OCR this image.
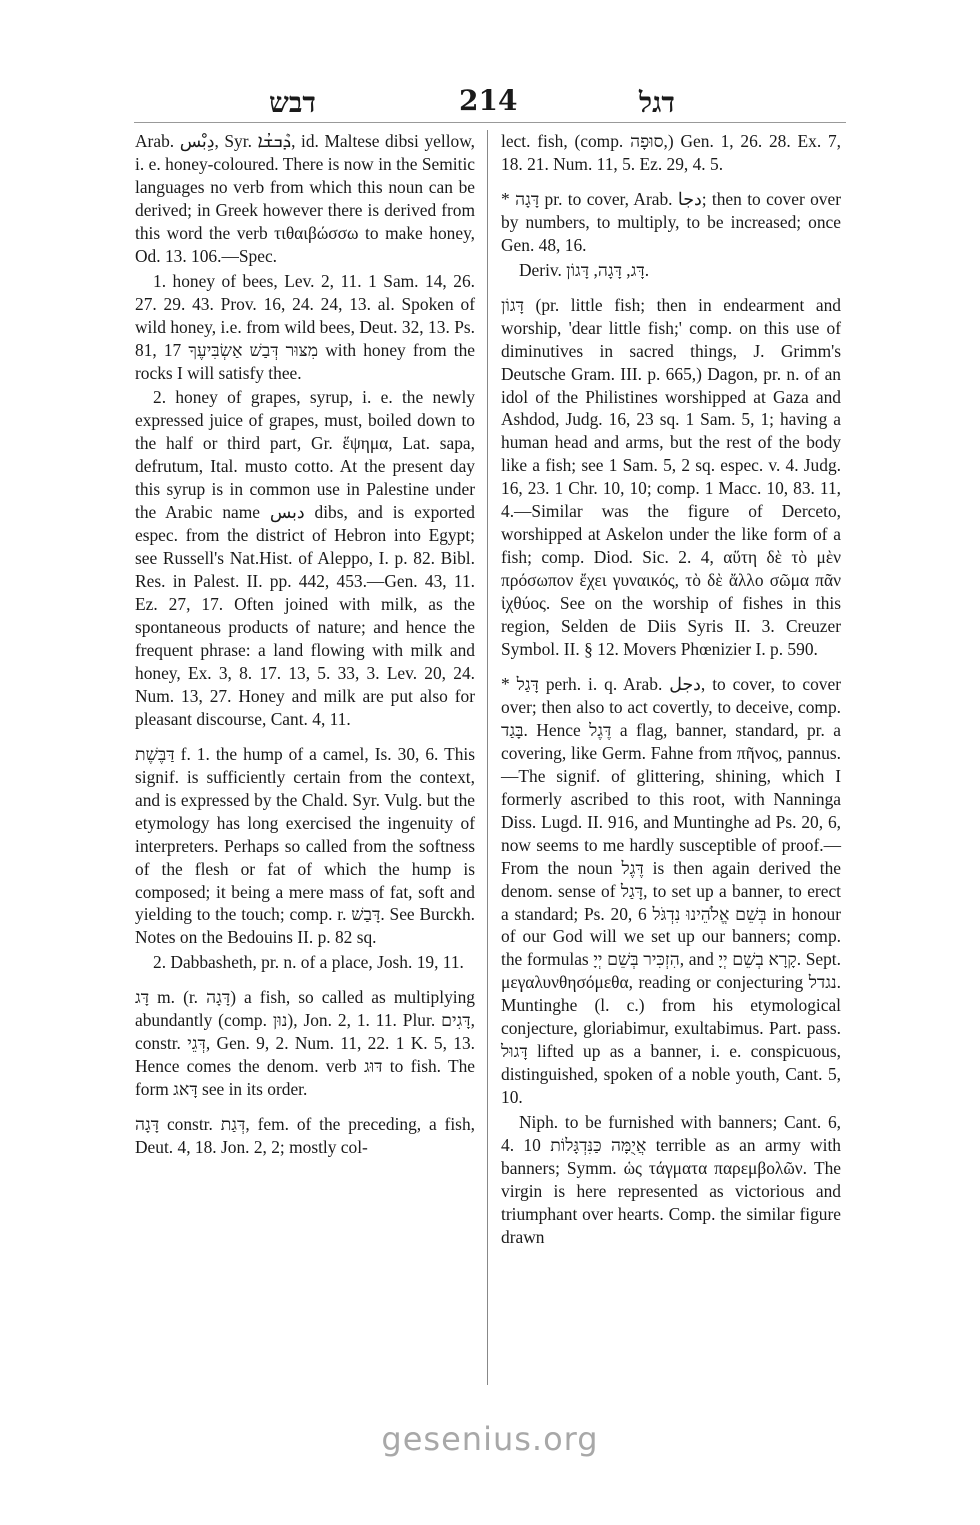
דבש	214	דגל

Arab. دِبْس, Syr. ܕܶܒܫܳܐ, id. Maltese dibsi yellow, i. e. honey-coloured. There is now in the Semitic languages no verb from which this noun can be derived; in Greek however there is derived from this word the verb τιθαιβώσσω to make honey, Od. 13. 106.—Spec.

1. honey of bees, Lev. 2, 11. 1 Sam. 14, 26. 27. 29. 43. Prov. 16, 24. 24, 13. al. Spoken of wild honey, i.e. from wild bees, Deut. 32, 13. Ps. 81, 17 מִצּוּר דְּבַשׁ אַשְׂבִּיעֶךָ with honey from the rocks I will satisfy thee.

2. honey of grapes, syrup, i. e. the newly expressed juice of grapes, must, boiled down to the half or third part, Gr. ἕψημα, Lat. sapa, defrutum, Ital. musto cotto. At the present day this syrup is in common use in Palestine under the Arabic name دبس dibs, and is exported espec. from the district of Hebron into Egypt; see Russell's Nat.Hist. of Aleppo, I. p. 82. Bibl. Res. in Palest. II. pp. 442, 453.—Gen. 43, 11. Ez. 27, 17. Often joined with milk, as the spontaneous products of nature; and hence the frequent phrase: a land flowing with milk and honey, Ex. 3, 8. 17. 13, 5. 33, 3. Lev. 20, 24. Num. 13, 27. Honey and milk are put also for pleasant discourse, Cant. 4, 11.

דַּבֶּשֶׁת f. 1. the hump of a camel, Is. 30, 6. This signif. is sufficiently certain from the context, and is expressed by the Chald. Syr. Vulg. but the etymology has long exercised the ingenuity of interpreters. Perhaps so called from the softness of the flesh or fat of which the hump is composed; it being a mere mass of fat, soft and yielding to the touch; comp. r. דָּבַשׁ. See Burckh. Notes on the Bedouins II. p. 82 sq.

2. Dabbasheth, pr. n. of a place, Josh. 19, 11.

דָּג m. (r. דָּגָה) a fish, so called as multiplying abundantly (comp. נוּן), Jon. 2, 1. 11. Plur. דָּגִים, constr. דְּגֵי, Gen. 9, 2. Num. 11, 22. 1 K. 5, 13. Hence comes the denom. verb דּוּג to fish. The form דָּאג see in its order.

דָּגָה constr. דְּגַת, fem. of the preceding, a fish, Deut. 4, 18. Jon. 2, 2; mostly col-

lect. fish, (comp. סוּפָה,) Gen. 1, 26. 28. Ex. 7, 18. 21. Num. 11, 5. Ez. 29, 4. 5.

* דָּגָה pr. to cover, Arab. دجا; then to cover over by numbers, to multiply, to be increased; once Gen. 48, 16.

Deriv. דָּג, דָּגָה, דָּגוֹן.

דָּגוֹן (pr. little fish; then in endearment and worship, 'dear little fish;' comp. on this use of diminutives in sacred things, J. Grimm's Deutsche Gram. III. p. 665,) Dagon, pr. n. of an idol of the Philistines worshipped at Gaza and Ashdod, Judg. 16, 23 sq. 1 Sam. 5, 1; having a human head and arms, but the rest of the body like a fish; see 1 Sam. 5, 2 sq. espec. v. 4. Judg. 16, 23. 1 Chr. 10, 10; comp. 1 Macc. 10, 83. 11, 4.—Similar was the figure of Derceto, worshipped at Askelon under the like form of a fish; comp. Diod. Sic. 2. 4, αὕτη δὲ τὸ μὲν πρόσωπον ἔχει γυναικός, τὸ δὲ ἄλλο σῶμα πᾶν ἰχθύος. See on the worship of fishes in this region, Selden de Diis Syris II. 3. Creuzer Symbol. II. § 12. Movers Phœnizier I. p. 590.

* דָּגַל perh. i. q. Arab. دجل, to cover, to cover over; then also to act covertly, to deceive, comp. בָּגַד. Hence דֶּגֶל a flag, banner, standard, pr. a covering, like Germ. Fahne from πῆνος, pannus.—The signif. of glittering, shining, which I formerly ascribed to this root, with Nanninga Diss. Lugd. II. 916, and Muntinghe ad Ps. 20, 6, now seems to me hardly susceptible of proof.—From the noun דֶּגֶל is then again derived the denom. sense of דָּגַל, to set up a banner, to erect a standard; Ps. 20, 6 בְּשֵׁם אֱלֹהֵינוּ נִדְגֹּל in honour of our God will we set up our banners; comp. the formulas הִזְכִּיר בְּשֵׁם יְיָ, and קָרָא בְשֵׁם יְיָ. Sept. μεγαλυνθησόμεθα, reading or conjecturing נגדל. Muntinghe (l. c.) from his etymological conjecture, gloriabimur, exultabimus. Part. pass. דָּגוּל lifted up as a banner, i. e. conspicuous, distinguished, spoken of a noble youth, Cant. 5, 10.

Niph. to be furnished with banners; Cant. 6, 4. 10 אֲיֻמָּה כַּנִּדְגָּלוֹת terrible as an army with banners; Symm. ὡς τάγματα παρεμβολῶν. The virgin is here represented as victorious and triumphant over hearts. Comp. the similar figure drawn

gesenius.org
